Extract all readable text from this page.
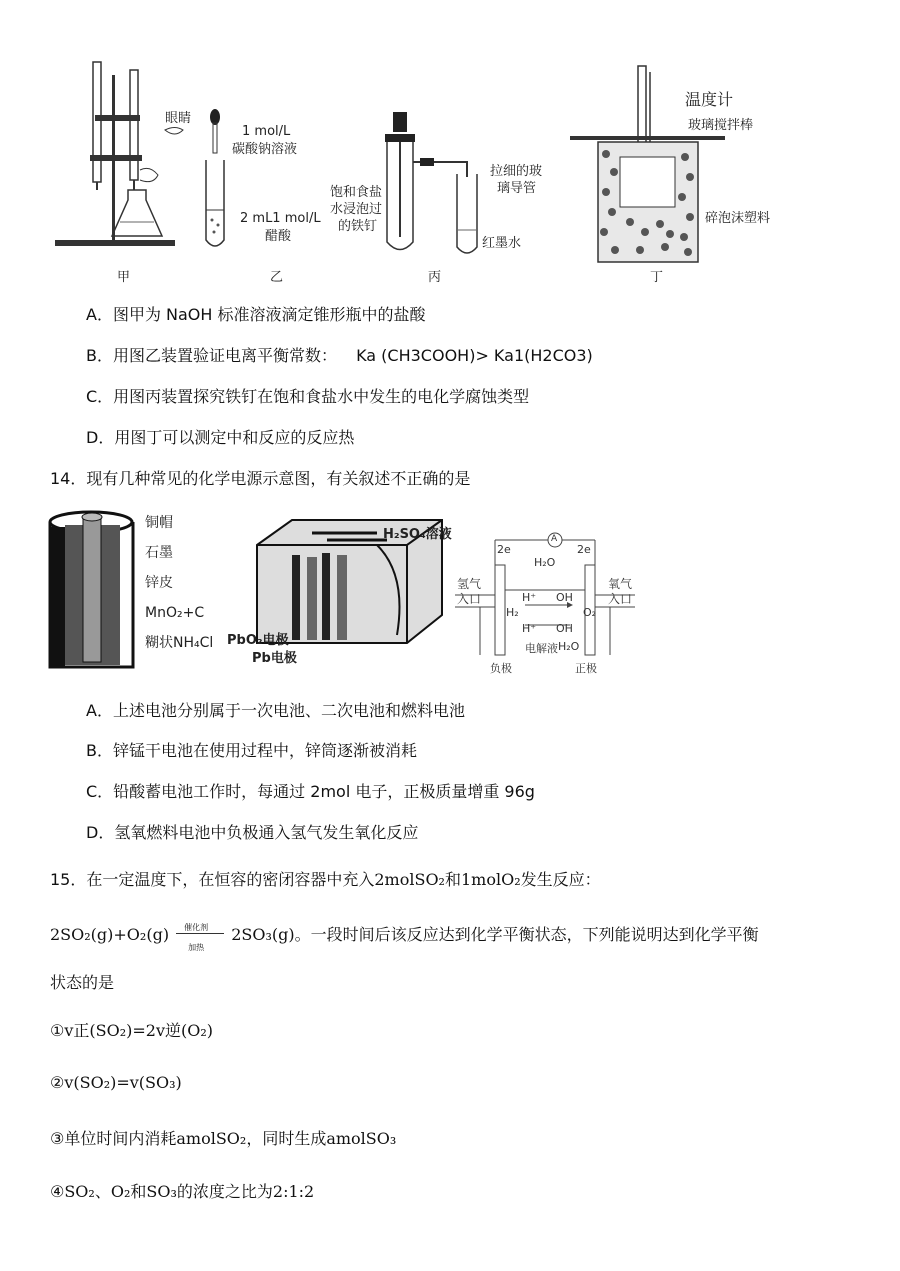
眼睛
甲
1 mol/L
碳酸钠溶液
2 mL1 mol/L
醋酸
乙
饱和食盐
水浸泡过
的铁钉
拉细的玻
璃导管
红墨水
丙
温度计
玻璃搅拌棒
碎泡沫塑料
丁
A．图甲为 NaOH 标准溶液滴定锥形瓶中的盐酸
B．用图乙装置验证电离平衡常数： Ka (CH3COOH)> Ka1(H2CO3)
C．用图丙装置探究铁钉在饱和食盐水中发生的电化学腐蚀类型
D．用图丁可以测定中和反应的反应热
14．现有几种常见的化学电源示意图，有关叙述不正确的是
铜帽
石墨
锌皮
MnO₂+C
糊状NH₄Cl
H₂SO₄溶液
PbO₂电极
Pb电极
氢气
入口
氧气
入口
2e	2e
A
H₂O
H⁺ OH
H₂	O₂
H⁺ OH
电解液 H₂O
负极	正极
A．上述电池分别属于一次电池、二次电池和燃料电池
B．锌锰干电池在使用过程中，锌筒逐渐被消耗
C．铅酸蓄电池工作时，每通过 2mol 电子，正极质量增重 96g
D．氢氧燃料电池中负极通入氢气发生氧化反应
15．在一定温度下，在恒容的密闭容器中充入2molSO₂和1molO₂发生反应：
2SO₂(g)+O₂(g) 催化剂
加热
2SO₃(g)。一段时间后该反应达到化学平衡状态，下列能说明达到化学平衡
状态的是
①v正(SO₂)=2v逆(O₂)
②v(SO₂)=v(SO₃)
③单位时间内消耗amolSO₂，同时生成amolSO₃
④SO₂、O₂和SO₃的浓度之比为2:1:2
